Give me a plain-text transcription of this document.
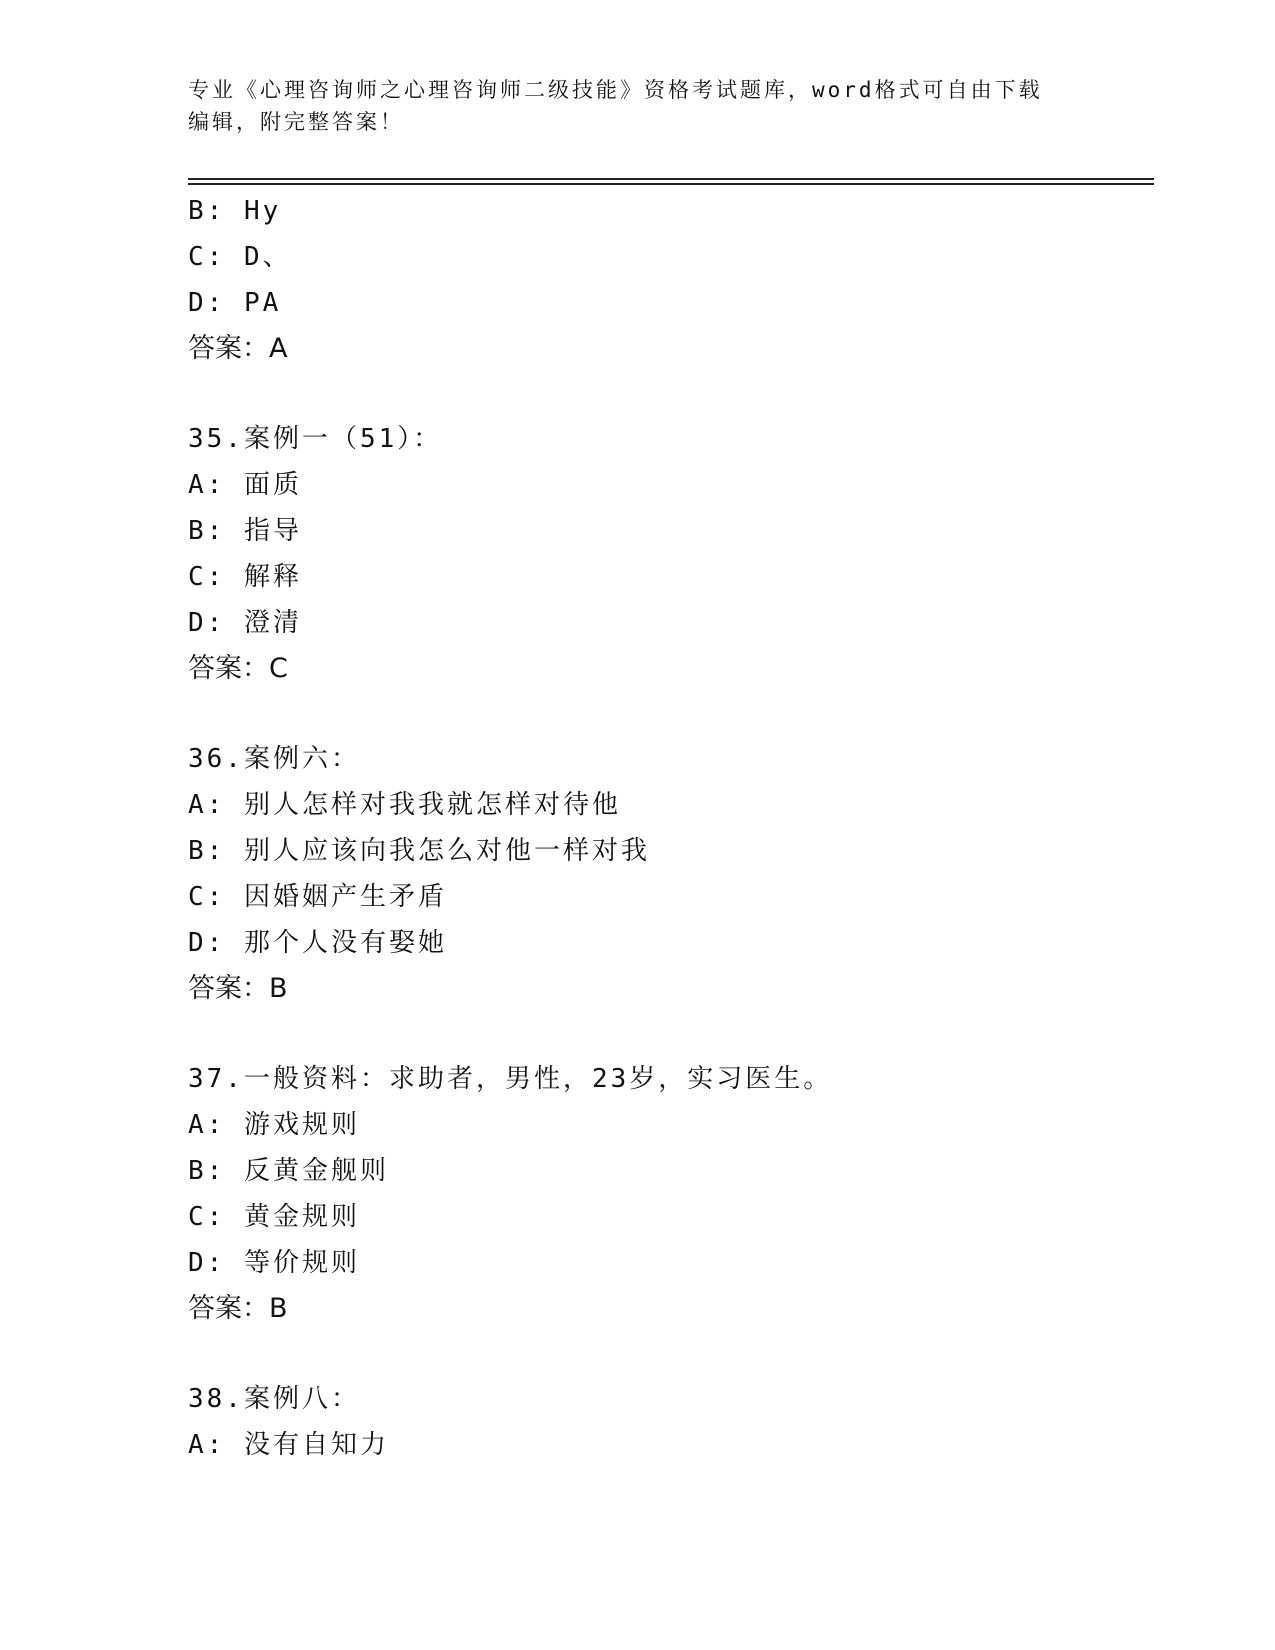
专业《心理咨询师之心理咨询师二级技能》资格考试题库，word格式可自由下载
编辑，附完整答案！
B: Hy
C: D、
D: PA
答案：A
35.案例一（51）：
A: 面质
B: 指导
C: 解释
D: 澄清
答案：C
36.案例六：
A: 别人怎样对我我就怎样对待他
B: 别人应该向我怎么对他一样对我
C: 因婚姻产生矛盾
D: 那个人没有娶她
答案：B
37.一般资料：求助者，男性，23岁，实习医生。
A: 游戏规则
B: 反黄金舰则
C: 黄金规则
D: 等价规则
答案：B
38.案例八：
A: 没有自知力
